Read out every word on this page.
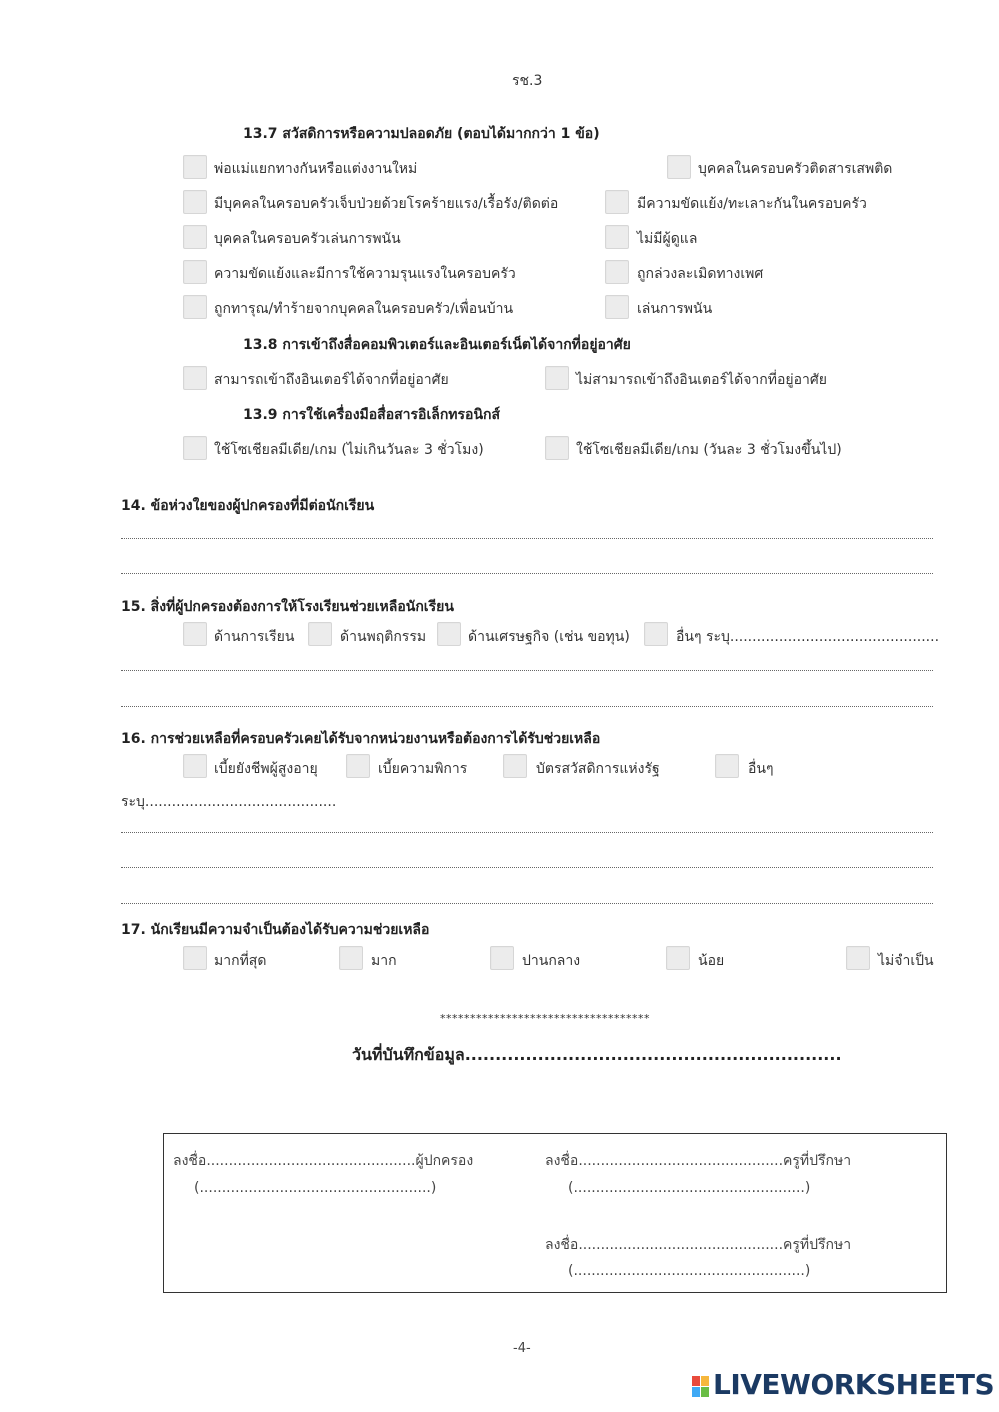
รช.3
13.7 สวัสดิการหรือความปลอดภัย (ตอบได้มากกว่า 1 ข้อ)
พ่อแม่แยกทางกันหรือแต่งงานใหม่	บุคคลในครอบครัวติดสารเสพติด
มีบุคคลในครอบครัวเจ็บป่วยด้วยโรคร้ายแรง/เรื้อรัง/ติดต่อ	มีความขัดแย้ง/ทะเลาะกันในครอบครัว
บุคคลในครอบครัวเล่นการพนัน	ไม่มีผู้ดูแล
ความขัดแย้งและมีการใช้ความรุนแรงในครอบครัว	ถูกล่วงละเมิดทางเพศ
ถูกทารุณ/ทำร้ายจากบุคคลในครอบครัว/เพื่อนบ้าน	เล่นการพนัน
13.8 การเข้าถึงสื่อคอมพิวเตอร์และอินเตอร์เน็ตได้จากที่อยู่อาศัย
สามารถเข้าถึงอินเตอร์ได้จากที่อยู่อาศัย	ไม่สามารถเข้าถึงอินเตอร์ได้จากที่อยู่อาศัย
13.9 การใช้เครื่องมือสื่อสารอิเล็กทรอนิกส์
ใช้โซเชียลมีเดีย/เกม (ไม่เกินวันละ 3 ชั่วโมง)	ใช้โซเชียลมีเดีย/เกม (วันละ 3 ชั่วโมงขึ้นไป)
14. ข้อห่วงใยของผู้ปกครองที่มีต่อนักเรียน
15. สิ่งที่ผู้ปกครองต้องการให้โรงเรียนช่วยเหลือนักเรียน
ด้านการเรียน	ด้านพฤติกรรม	ด้านเศรษฐกิจ (เช่น ขอทุน)	อื่นๆ ระบุ...............................................
16. การช่วยเหลือที่ครอบครัวเคยได้รับจากหน่วยงานหรือต้องการได้รับช่วยเหลือ
เบี้ยยังชีพผู้สูงอายุ	เบี้ยความพิการ	บัตรสวัสดิการแห่งรัฐ	อื่นๆ
ระบุ...........................................
17. นักเรียนมีความจำเป็นต้องได้รับความช่วยเหลือ
มากที่สุด	มาก	ปานกลาง	น้อย	ไม่จำเป็น
***********************************
วันที่บันทึกข้อมูล..............................................................
ลงชื่อ...............................................ผู้ปกครอง
(....................................................)
ลงชื่อ..............................................ครูที่ปรึกษา
(....................................................)
ลงชื่อ..............................................ครูที่ปรึกษา
(....................................................)
-4-
LIVEWORKSHEETS
